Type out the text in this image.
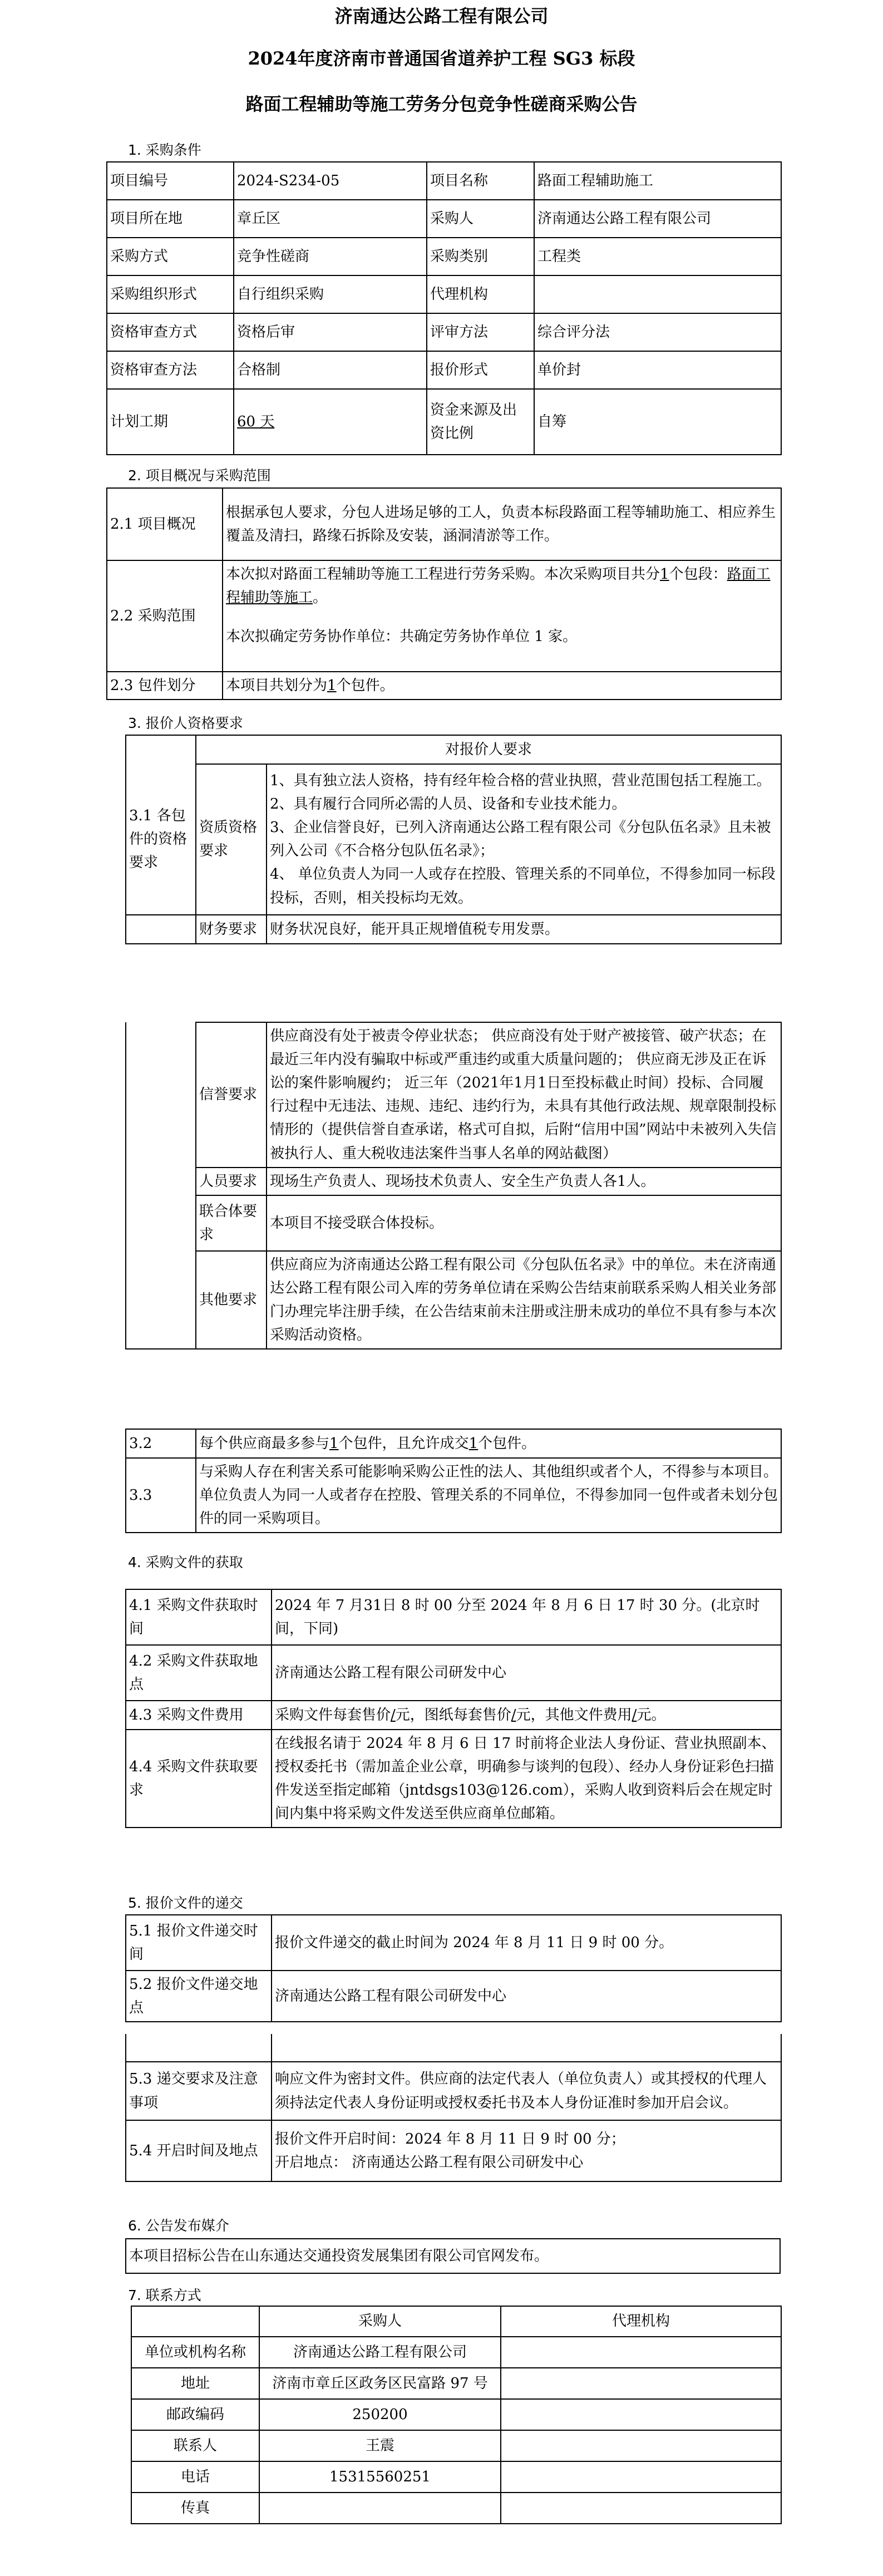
济南通达公路工程有限公司
2024年度济南市普通国省道养护工程 SG3 标段
路面工程辅助等施工劳务分包竞争性磋商采购公告
1. 采购条件
项目编号	2024-S234-05	项目名称	路面工程辅助施工
项目所在地	章丘区	采购人	济南通达公路工程有限公司
采购方式	竞争性磋商	采购类别	工程类
采购组织形式	自行组织采购	代理机构	
资格审查方式	资格后审	评审方法	综合评分法
资格审查方法	合格制	报价形式	单价封
计划工期	60 天	资金来源及出资比例	自筹
2. 项目概况与采购范围
2.1 项目概况	根据承包人要求，分包人进场足够的工人，负责本标段路面工程等辅助施工、相应养生覆盖及清扫，路缘石拆除及安装，涵洞清淤等工作。
2.2 采购范围	本次拟对路面工程辅助等施工工程进行劳务采购。本次采购项目共分1个包段：路面工程辅助等施工。
本次拟确定劳务协作单位：共确定劳务协作单位 1 家。

2.3 包件划分	本项目共划分为1个包件。
3. 报价人资格要求
	对报价人要求	
3.1 各包件的资格要求	资质资格要求	1、具有独立法人资格，持有经年检合格的营业执照，营业范围包括工程施工。
2、具有履行合同所必需的人员、设备和专业技术能力。
3、企业信誉良好，已列入济南通达公路工程有限公司《分包队伍名录》且未被列入公司《不合格分包队伍名录》；
4、 单位负责人为同一人或存在控股、管理关系的不同单位，不得参加同一标段投标，否则，相关投标均无效。

	财务要求	财务状况良好，能开具正规增值税专用发票。
	信誉要求	供应商没有处于被责令停业状态； 供应商没有处于财产被接管、破产状态；在最近三年内没有骗取中标或严重违约或重大质量问题的； 供应商无涉及正在诉讼的案件影响履约； 近三年（2021年1月1日至投标截止时间）投标、合同履行过程中无违法、违规、违纪、违约行为，未具有其他行政法规、规章限制投标情形的（提供信誉自查承诺，格式可自拟，后附“信用中国”网站中未被列入失信被执行人、重大税收违法案件当事人名单的网站截图）
	人员要求	现场生产负责人、现场技术负责人、安全生产负责人各1人。
	联合体要求	本项目不接受联合体投标。
	其他要求	供应商应为济南通达公路工程有限公司《分包队伍名录》中的单位。未在济南通达公路工程有限公司入库的劳务单位请在采购公告结束前联系采购人相关业务部门办理完毕注册手续，在公告结束前未注册或注册未成功的单位不具有参与本次采购活动资格。
3.2	每个供应商最多参与1个包件，且允许成交1个包件。
3.3	与采购人存在利害关系可能影响采购公正性的法人、其他组织或者个人，不得参与本项目。单位负责人为同一人或者存在控股、管理关系的不同单位，不得参加同一包件或者未划分包件的同一采购项目。
4. 采购文件的获取
4.1 采购文件获取时间	2024 年 7 月31日 8 时 00 分至 2024 年 8 月 6 日 17 时 30 分。(北京时间，下同)
4.2 采购文件获取地点	济南通达公路工程有限公司研发中心
4.3 采购文件费用	采购文件每套售价/元，图纸每套售价/元，其他文件费用/元。
4.4 采购文件获取要求	在线报名请于 2024 年 8 月 6 日 17 时前将企业法人身份证、营业执照副本、授权委托书（需加盖企业公章，明确参与谈判的包段）、经办人身份证彩色扫描件发送至指定邮箱（jntdsgs103@126.com），采购人收到资料后会在规定时间内集中将采购文件发送至供应商单位邮箱。
5. 报价文件的递交
5.1 报价文件递交时间	报价文件递交的截止时间为 2024 年 8 月 11 日 9 时 00 分。
5.2 报价文件递交地点	济南通达公路工程有限公司研发中心

5.3 递交要求及注意事项	响应文件为密封文件。供应商的法定代表人（单位负责人）或其授权的代理人须持法定代表人身份证明或授权委托书及本人身份证准时参加开启会议。
5.4 开启时间及地点	报价文件开启时间：2024 年 8 月 11 日 9 时 00 分；
开启地点： 济南通达公路工程有限公司研发中心
6. 公告发布媒介
本项目招标公告在山东通达交通投资发展集团有限公司官网发布。
7. 联系方式
	采购人	代理机构
单位或机构名称	济南通达公路工程有限公司	
地址	济南市章丘区政务区民富路 97 号	
邮政编码	250200	
联系人	王震	
电话	15315560251	
传真		
